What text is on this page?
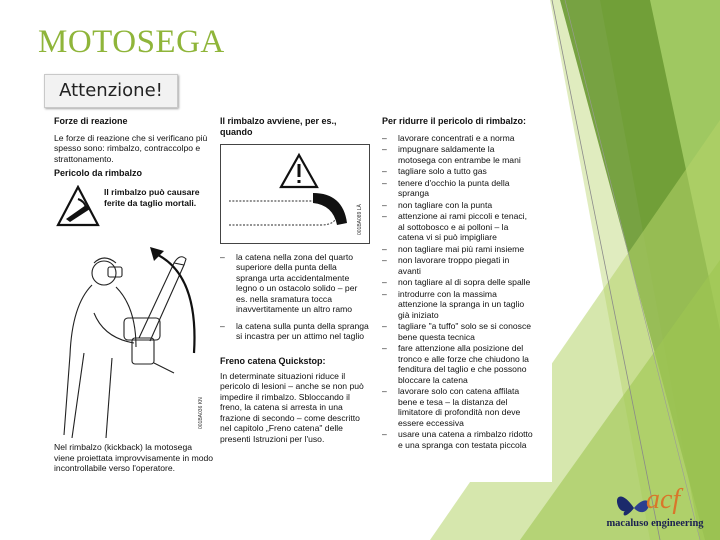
MOTOSEGA
Attenzione!
Forze di reazione
Le forze di reazione che si verificano più spesso sono: rimbalzo, contraccolpo e strattonamento.
Pericolo da rimbalzo
Il rimbalzo può causare ferite da taglio mortali.
001BA036 KN
Nel rimbalzo (kickback) la motosega viene proiettata improvvisamente in modo incontrollabile verso l'operatore.
Il rimbalzo avviene, per es., quando
001BA089 LÄ
– la catena nella zona del quarto superiore della punta della spranga urta accidentalmente legno o un ostacolo solido – per es. nella sramatura tocca inavvertitamente un altro ramo
– la catena sulla punta della spranga si incastra per un attimo nel taglio
Freno catena Quickstop:
In determinate situazioni riduce il pericolo di lesioni – anche se non può impedire il rimbalzo. Sbloccando il freno, la catena si arresta in una frazione di secondo – come descritto nel capitolo „Freno catena" delle presenti Istruzioni per l'uso.
Per ridurre il pericolo di rimbalzo:
– lavorare concentrati e a norma
– impugnare saldamente la motosega con entrambe le mani
– tagliare solo a tutto gas
– tenere d'occhio la punta della spranga
– non tagliare con la punta
– attenzione ai rami piccoli e tenaci, al sottobosco e ai polloni – la catena vi si può impigliare
– non tagliare mai più rami insieme
– non lavorare troppo piegati in avanti
– non tagliare al di sopra delle spalle
– introdurre con la massima attenzione la spranga in un taglio già iniziato
– tagliare "a tuffo" solo se si conosce bene questa tecnica
– fare attenzione alla posizione del tronco e alle forze che chiudono la fenditura del taglio e che possono bloccare la catena
– lavorare solo con catena affilata bene e tesa – la distanza del limitatore di profondità non deve essere eccessiva
– usare una catena a rimbalzo ridotto e una spranga con testata piccola
acf
macaluso engineering
